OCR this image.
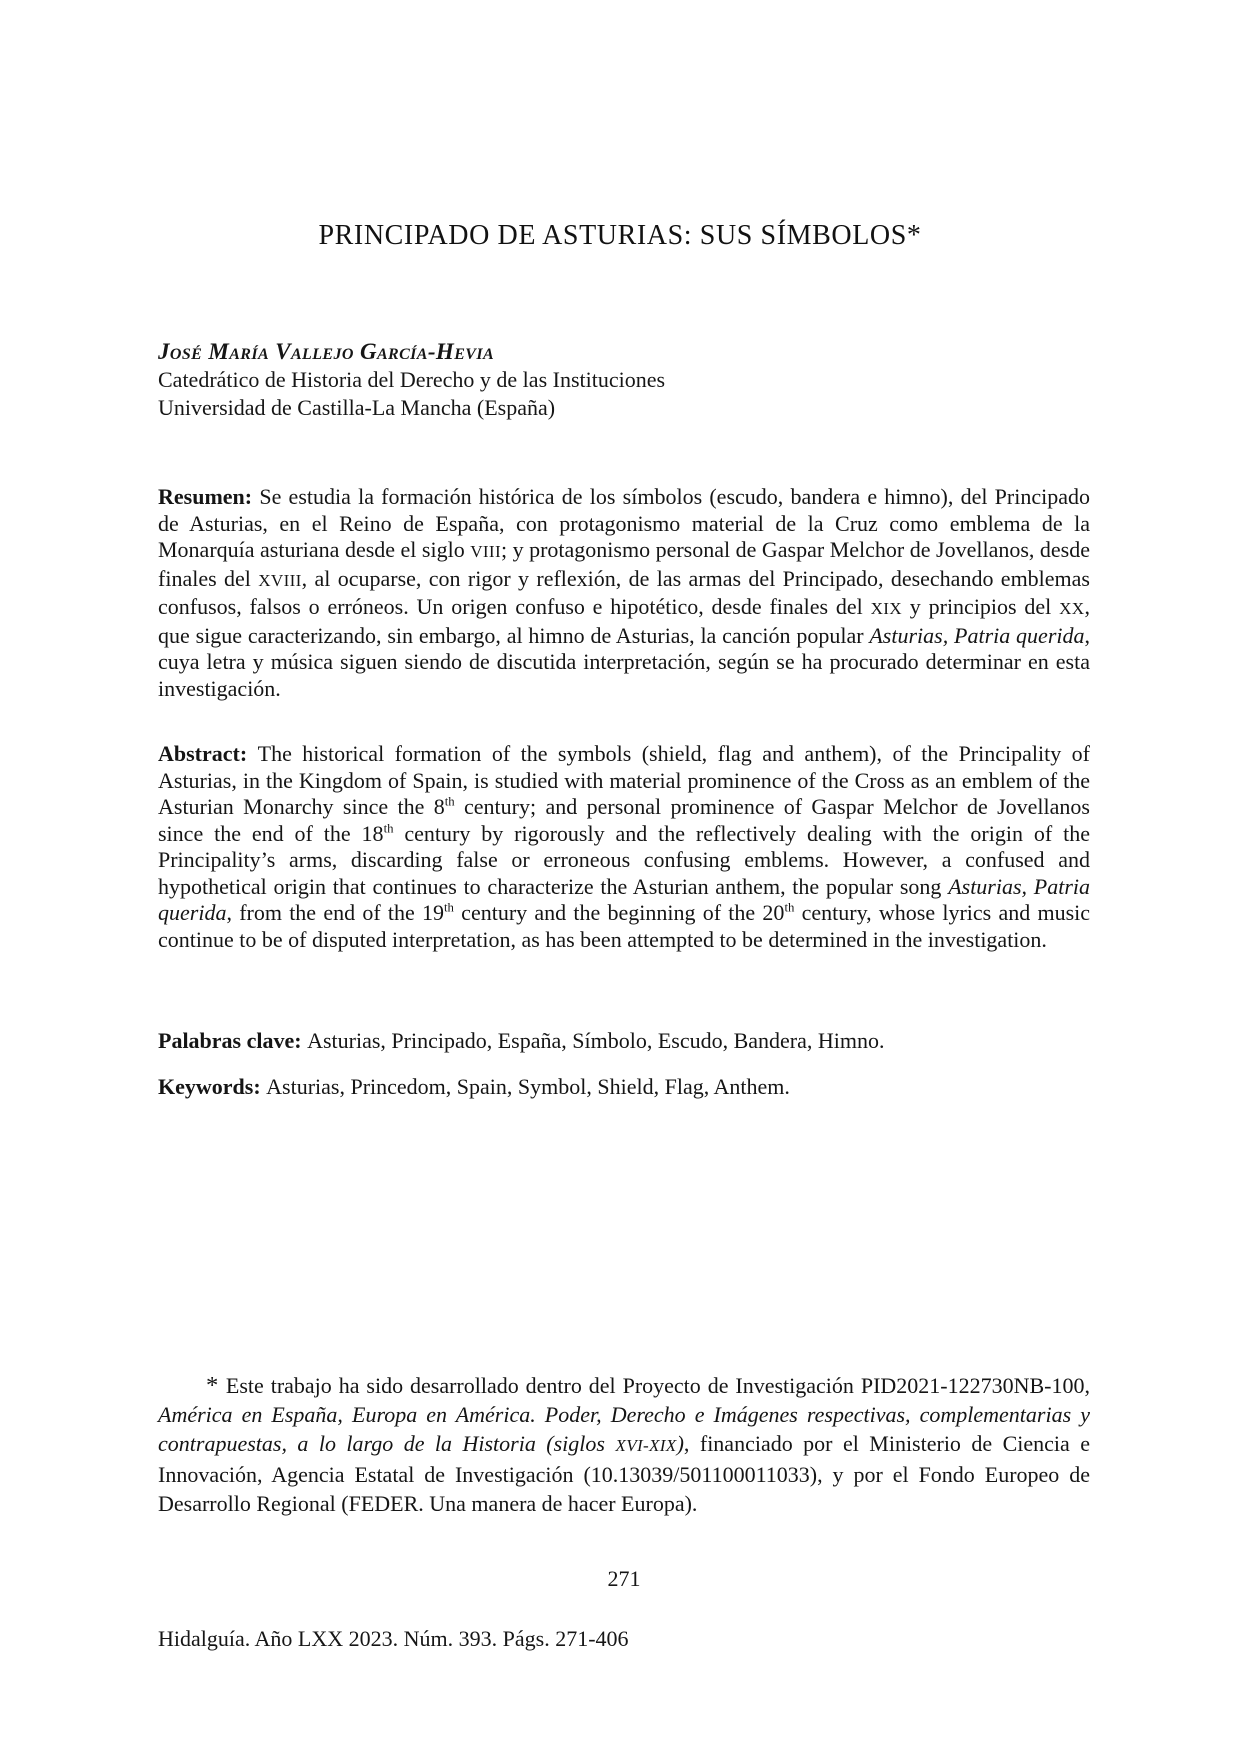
PRINCIPADO DE ASTURIAS: SUS SÍMBOLOS*
José María Vallejo García-Hevia
Catedrático de Historia del Derecho y de las Instituciones
Universidad de Castilla-La Mancha (España)

Resumen: Se estudia la formación histórica de los símbolos (escudo, bandera e himno), del Principado de Asturias, en el Reino de España, con protagonismo material de la Cruz como emblema de la Monarquía asturiana desde el siglo VIII; y protagonismo personal de Gaspar Melchor de Jovellanos, desde finales del XVIII, al ocuparse, con rigor y reflexión, de las armas del Principado, desechando emblemas confusos, falsos o erróneos. Un origen confuso e hipotético, desde finales del XIX y principios del XX, que sigue caracterizando, sin embargo, al himno de Asturias, la canción popular Asturias, Patria querida, cuya letra y música siguen siendo de discutida interpretación, según se ha procurado determinar en esta investigación.

Abstract: The historical formation of the symbols (shield, flag and anthem), of the Principality of Asturias, in the Kingdom of Spain, is studied with material prominence of the Cross as an emblem of the Asturian Monarchy since the 8th century; and personal prominence of Gaspar Melchor de Jovellanos since the end of the 18th century by rigorously and the reflectively dealing with the origin of the Principality’s arms, discarding false or erroneous confusing emblems. However, a confused and hypothetical origin that continues to characterize the Asturian anthem, the popular song Asturias, Patria querida, from the end of the 19th century and the beginning of the 20th century, whose lyrics and music continue to be of disputed interpretation, as has been attempted to be determined in the investigation.

Palabras clave: Asturias, Principado, España, Símbolo, Escudo, Bandera, Himno.

Keywords: Asturias, Princedom, Spain, Symbol, Shield, Flag, Anthem.

* Este trabajo ha sido desarrollado dentro del Proyecto de Investigación PID2021-122730NB-100, América en España, Europa en América. Poder, Derecho e Imágenes respectivas, complementarias y contrapuestas, a lo largo de la Historia (siglos XVI-XIX), financiado por el Ministerio de Ciencia e Innovación, Agencia Estatal de Investigación (10.13039/501100011033), y por el Fondo Europeo de Desarrollo Regional (FEDER. Una manera de hacer Europa).

271
Hidalguía. Año LXX 2023. Núm. 393. Págs. 271-406
